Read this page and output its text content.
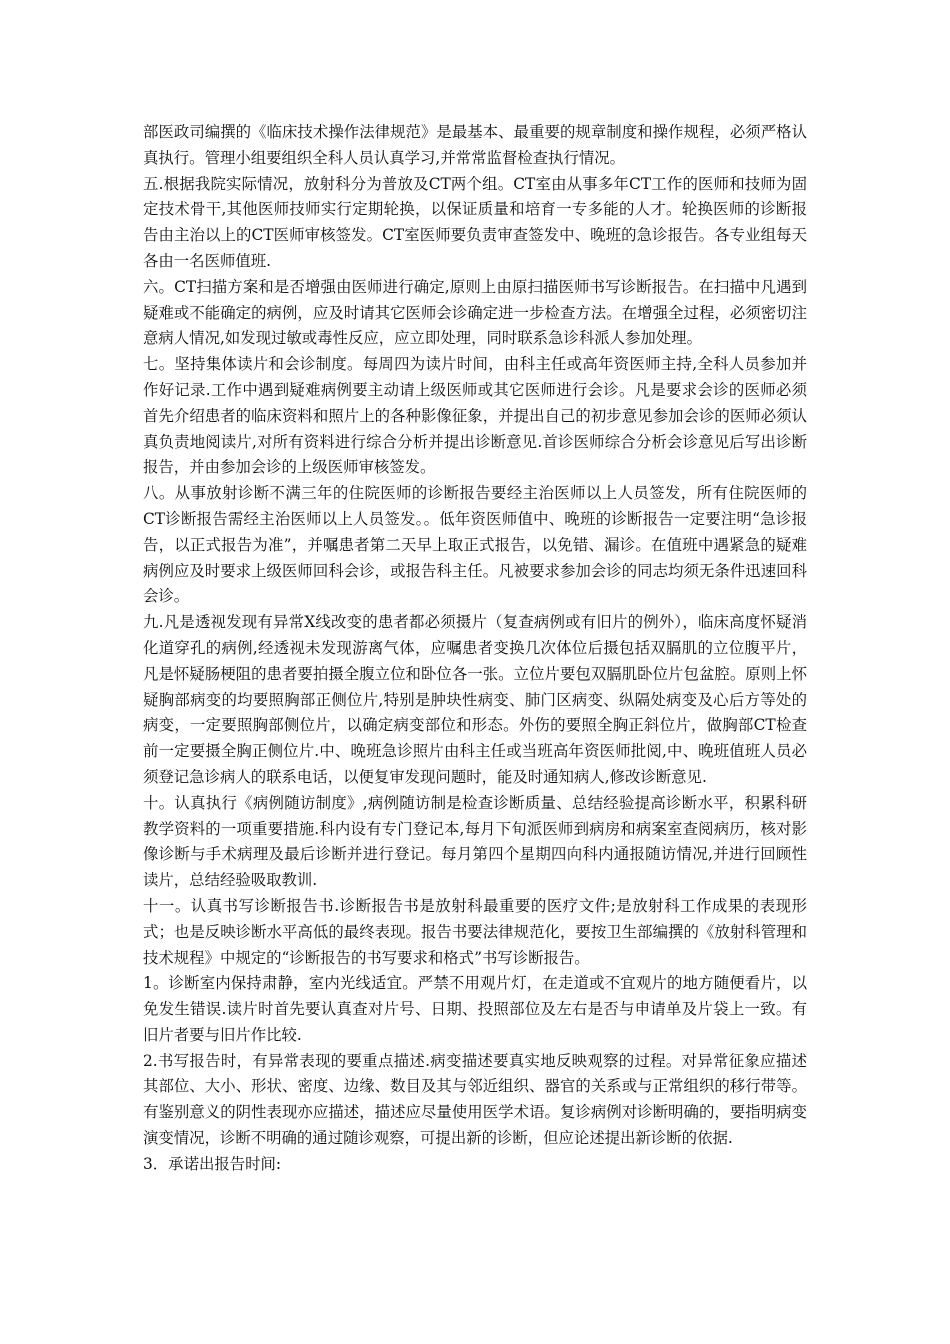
部医政司编撰的《临床技术操作法律规范》是最基本、最重要的规章制度和操作规程，必须严格认真执行。管理小组要组织全科人员认真学习,并常常监督检查执行情况。

五.根据我院实际情况，放射科分为普放及CT两个组。CT室由从事多年CT工作的医师和技师为固定技术骨干,其他医师技师实行定期轮换，以保证质量和培育一专多能的人才。轮换医师的诊断报告由主治以上的CT医师审核签发。CT室医师要负责审查签发中、晚班的急诊报告。各专业组每天各由一名医师值班.

六。CT扫描方案和是否增强由医师进行确定,原则上由原扫描医师书写诊断报告。在扫描中凡遇到疑难或不能确定的病例，应及时请其它医师会诊确定进一步检查方法。在增强全过程，必须密切注意病人情况,如发现过敏或毒性反应，应立即处理，同时联系急诊科派人参加处理。

七。坚持集体读片和会诊制度。每周四为读片时间，由科主任或高年资医师主持,全科人员参加并作好记录.工作中遇到疑难病例要主动请上级医师或其它医师进行会诊。凡是要求会诊的医师必须首先介绍患者的临床资料和照片上的各种影像征象，并提出自己的初步意见参加会诊的医师必须认真负责地阅读片,对所有资料进行综合分析并提出诊断意见.首诊医师综合分析会诊意见后写出诊断报告，并由参加会诊的上级医师审核签发。

八。从事放射诊断不满三年的住院医师的诊断报告要经主治医师以上人员签发，所有住院医师的CT诊断报告需经主治医师以上人员签发。。低年资医师值中、晚班的诊断报告一定要注明“急诊报告，以正式报告为准”，并嘱患者第二天早上取正式报告，以免错、漏诊。在值班中遇紧急的疑难病例应及时要求上级医师回科会诊，或报告科主任。凡被要求参加会诊的同志均须无条件迅速回科会诊。

九.凡是透视发现有异常X线改变的患者都必须摄片（复查病例或有旧片的例外），临床高度怀疑消化道穿孔的病例,经透视未发现游离气体，应嘱患者变换几次体位后摄包括双膈肌的立位腹平片，凡是怀疑肠梗阻的患者要拍摄全腹立位和卧位各一张。立位片要包双膈肌卧位片包盆腔。原则上怀疑胸部病变的均要照胸部正侧位片,特别是肿块性病变、肺门区病变、纵隔处病变及心后方等处的病变，一定要照胸部侧位片，以确定病变部位和形态。外伤的要照全胸正斜位片，做胸部CT检查前一定要摄全胸正侧位片.中、晚班急诊照片由科主任或当班高年资医师批阅,中、晚班值班人员必须登记急诊病人的联系电话，以便复审发现问题时，能及时通知病人,修改诊断意见.

十。认真执行《病例随访制度》,病例随访制是检查诊断质量、总结经验提高诊断水平，积累科研教学资料的一项重要措施.科内设有专门登记本,每月下旬派医师到病房和病案室查阅病历，核对影像诊断与手术病理及最后诊断并进行登记。每月第四个星期四向科内通报随访情况,并进行回顾性读片，总结经验吸取教训.

十一。认真书写诊断报告书.诊断报告书是放射科最重要的医疗文件;是放射科工作成果的表现形式；也是反映诊断水平高低的最终表现。报告书要法律规范化，要按卫生部编撰的《放射科管理和技术规程》中规定的“诊断报告的书写要求和格式”书写诊断报告。

1。诊断室内保持肃静，室内光线适宜。严禁不用观片灯，在走道或不宜观片的地方随便看片，以免发生错误.读片时首先要认真查对片号、日期、投照部位及左右是否与申请单及片袋上一致。有旧片者要与旧片作比较.

2.书写报告时，有异常表现的要重点描述.病变描述要真实地反映观察的过程。对异常征象应描述其部位、大小、形状、密度、边缘、数目及其与邻近组织、器官的关系或与正常组织的移行带等。有鉴别意义的阴性表现亦应描述，描述应尽量使用医学术语。复诊病例对诊断明确的，要指明病变演变情况，诊断不明确的通过随诊观察，可提出新的诊断，但应论述提出新诊断的依据.

3．承诺出报告时间:
